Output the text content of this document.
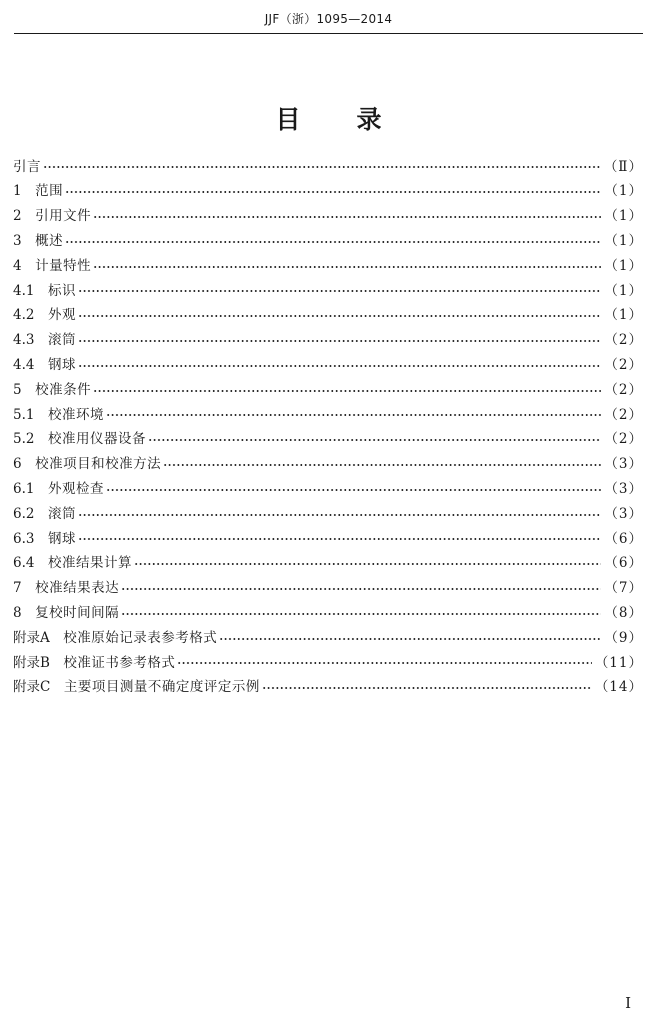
JJF（浙）1095—2014
目录
引言	（Ⅱ）
1　 范围	（1）
2　 引用文件	（1）
3　 概述	（1）
4　 计量特性	（1）
4.1　 标识	（1）
4.2　 外观	（1）
4.3　 滚筒	（2）
4.4　 钢球	（2）
5　 校准条件	（2）
5.1　 校准环境	（2）
5.2　 校准用仪器设备	（2）
6　 校准项目和校准方法	（3）
6.1　 外观检查	（3）
6.2　 滚筒	（3）
6.3　 钢球	（6）
6.4　 校准结果计算	（6）
7　 校准结果表达	（7）
8　 复校时间间隔	（8）
附录A　 校准原始记录表参考格式	（9）
附录B　 校准证书参考格式	（11）
附录C　 主要项目测量不确定度评定示例	（14）
I
